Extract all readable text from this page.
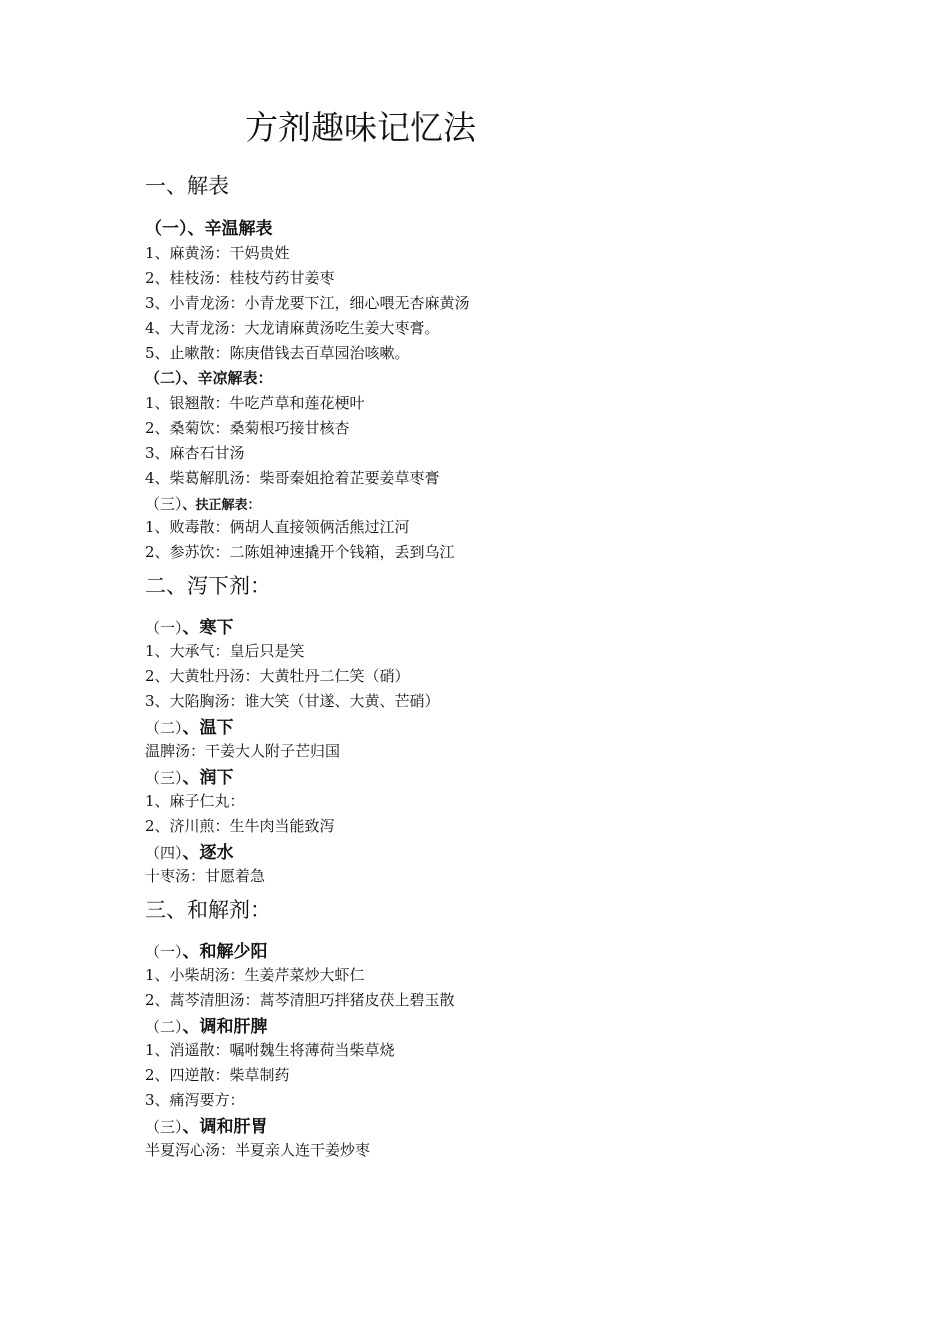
方剂趣味记忆法
一、解表
（一）、辛温解表
1、麻黄汤：干妈贵姓
2、桂枝汤：桂枝芍药甘姜枣
3、小青龙汤：小青龙要下江，细心喂无杏麻黄汤
4、大青龙汤：大龙请麻黄汤吃生姜大枣膏。
5、止嗽散：陈庚借钱去百草园治咳嗽。
（二）、辛凉解表：
1、银翘散：牛吃芦草和莲花梗叶
2、桑菊饮：桑菊根巧接甘核杏
3、麻杏石甘汤
4、柴葛解肌汤：柴哥秦姐抢着芷要姜草枣膏
（三）、扶正解表：
1、败毒散：俩胡人直接领俩活熊过江河
2、参苏饮：二陈姐神速撬开个钱箱，丢到乌江
二、泻下剂：
（一）、寒下
1、大承气：皇后只是笑
2、大黄牡丹汤：大黄牡丹二仁笑（硝）
3、大陷胸汤：谁大笑（甘遂、大黄、芒硝）
（二）、温下
温脾汤：干姜大人附子芒归国
（三）、润下
1、麻子仁丸：
2、济川煎：生牛肉当能致泻
（四）、逐水
十枣汤：甘愿着急
三、和解剂：
（一）、和解少阳
1、小柴胡汤：生姜芹菜炒大虾仁
2、蒿芩清胆汤：蒿芩清胆巧拌猪皮茯上碧玉散
（二）、调和肝脾
1、消遥散：嘱咐魏生将薄荷当柴草烧
2、四逆散：柴草制药
3、痛泻要方：
（三）、调和肝胃
半夏泻心汤：半夏亲人连干姜炒枣
